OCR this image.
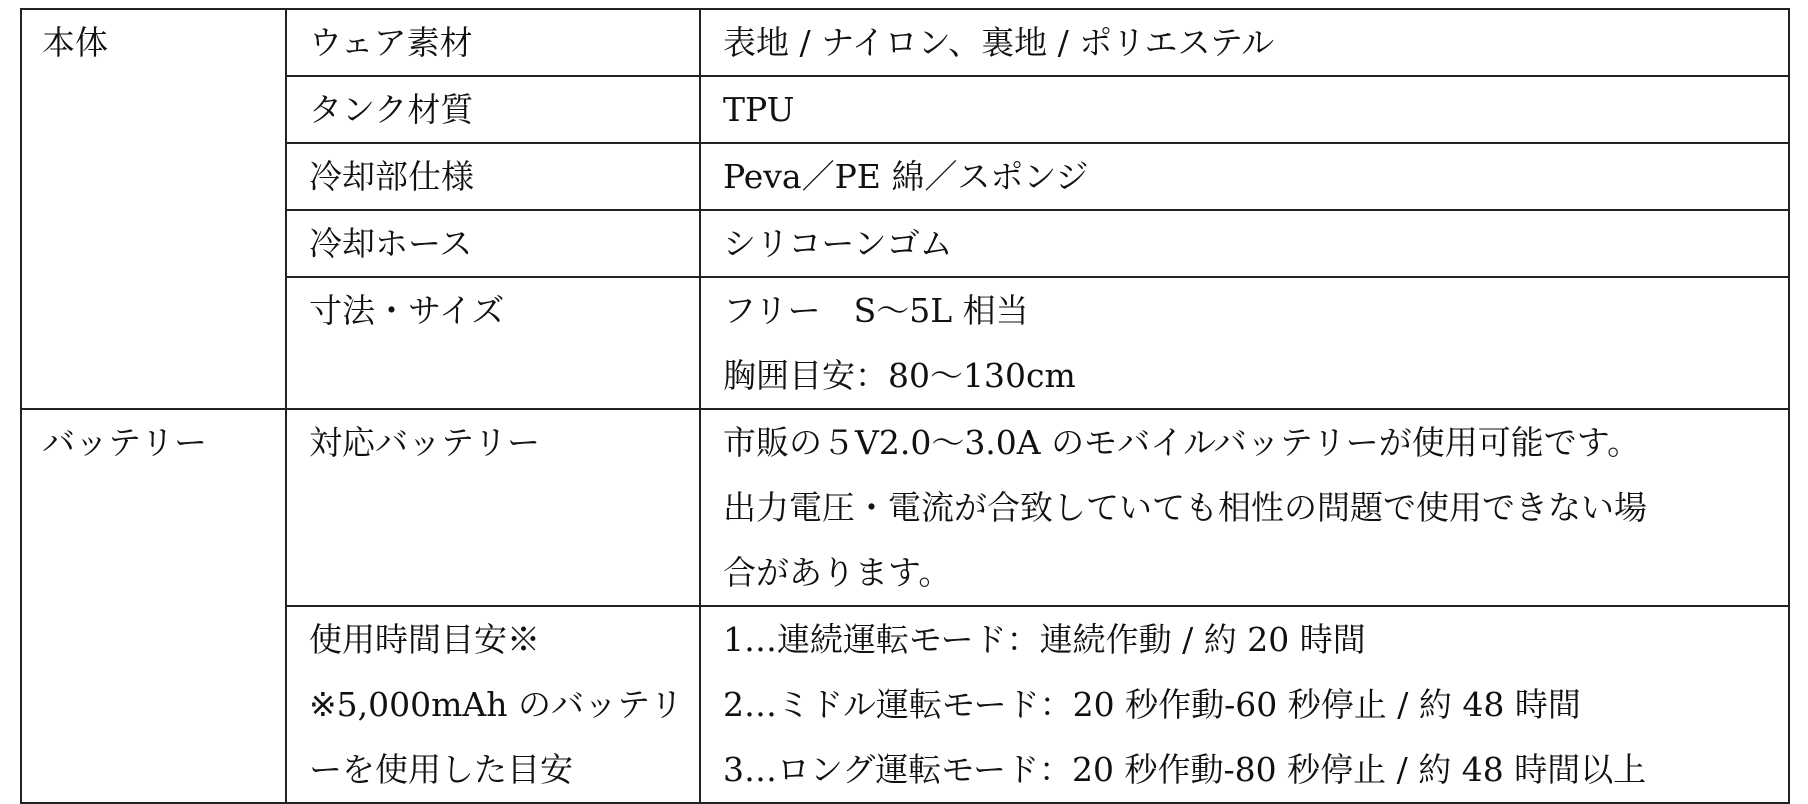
本体	ウェア素材	表地 / ナイロン、裏地 / ポリエステル

	タンク材質	TPU

	冷却部仕様	Peva／PE 綿／スポンジ

	冷却ホース	シリコーンゴム

	寸法・サイズ	フリー　S～5L 相当
胸囲目安：80～130cm

バッテリー	対応バッテリー	市販の５V2.0～3.0A のモバイルバッテリーが使用可能です。
出力電圧・電流が合致していても相性の問題で使用できない場
合があります。

	使用時間目安※
※5,000mAh のバッテリ
ーを使用した目安	1…連続運転モード：連続作動 / 約 20 時間
2…ミドル運転モード：20 秒作動-60 秒停止 / 約 48 時間
3…ロング運転モード：20 秒作動-80 秒停止 / 約 48 時間以上
